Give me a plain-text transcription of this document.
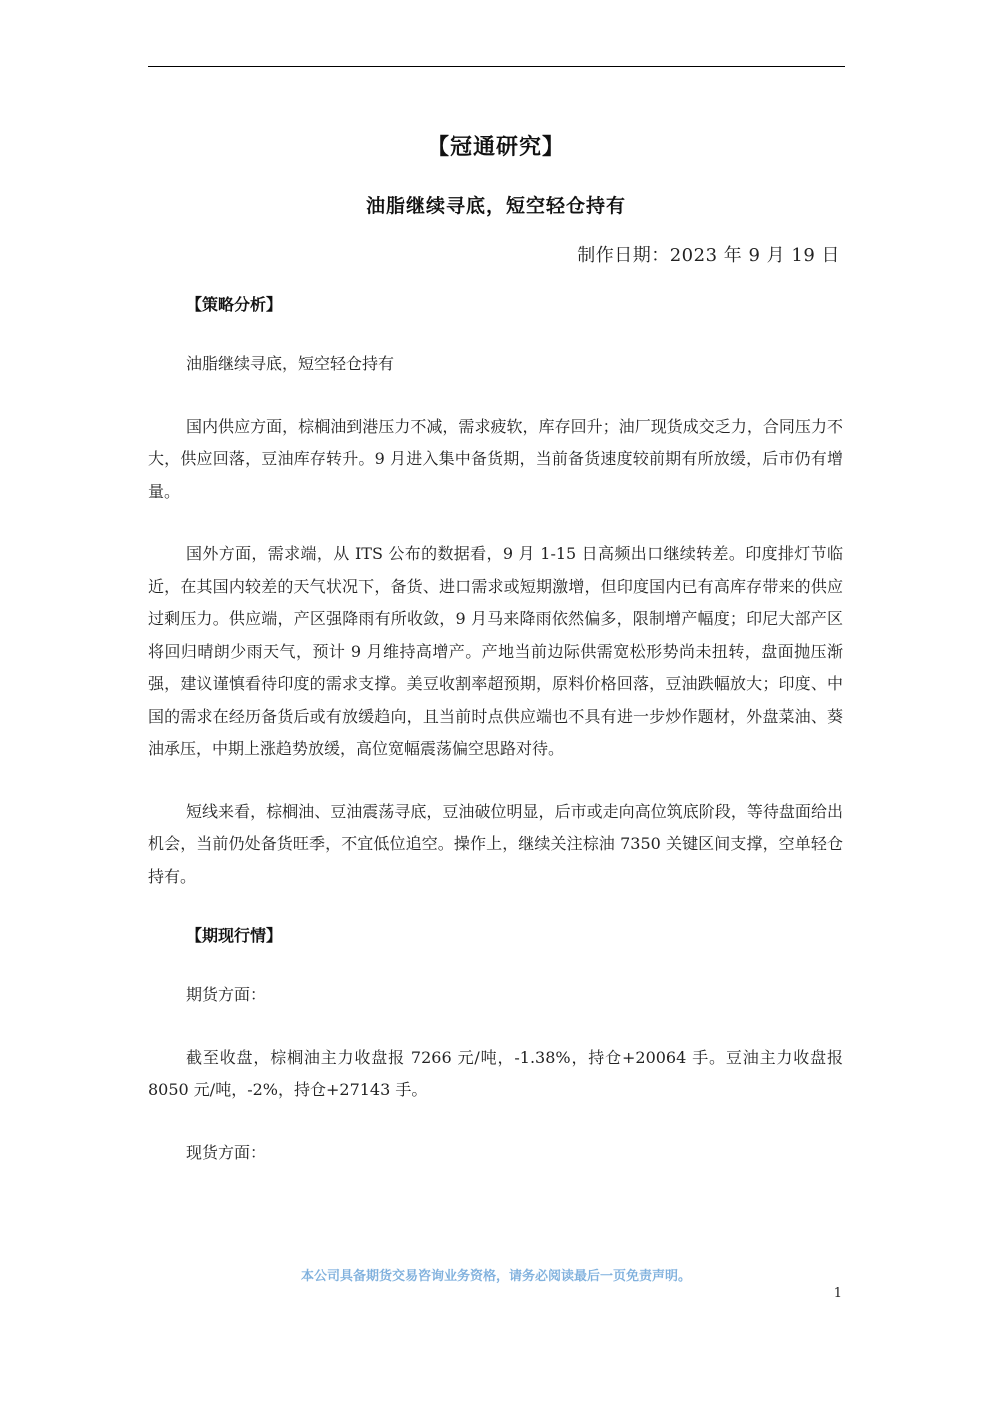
【冠通研究】
油脂继续寻底，短空轻仓持有
制作日期：2023 年 9 月 19 日
【策略分析】

油脂继续寻底，短空轻仓持有

国内供应方面，棕榈油到港压力不减，需求疲软，库存回升；油厂现货成交乏力，合同压力不大，供应回落，豆油库存转升。9 月进入集中备货期，当前备货速度较前期有所放缓，后市仍有增量。

国外方面，需求端，从 ITS 公布的数据看，9 月 1-15 日高频出口继续转差。印度排灯节临近，在其国内较差的天气状况下，备货、进口需求或短期激增，但印度国内已有高库存带来的供应过剩压力。供应端，产区强降雨有所收敛，9 月马来降雨依然偏多，限制增产幅度；印尼大部产区将回归晴朗少雨天气，预计 9 月维持高增产。产地当前边际供需宽松形势尚未扭转，盘面抛压渐强，建议谨慎看待印度的需求支撑。美豆收割率超预期，原料价格回落，豆油跌幅放大；印度、中国的需求在经历备货后或有放缓趋向，且当前时点供应端也不具有进一步炒作题材，外盘菜油、葵油承压，中期上涨趋势放缓，高位宽幅震荡偏空思路对待。

短线来看，棕榈油、豆油震荡寻底，豆油破位明显，后市或走向高位筑底阶段，等待盘面给出机会，当前仍处备货旺季，不宜低位追空。操作上，继续关注棕油 7350 关键区间支撑，空单轻仓持有。

【期现行情】

期货方面：

截至收盘，棕榈油主力收盘报 7266 元/吨，-1.38%，持仓+20064 手。豆油主力收盘报 8050 元/吨，-2%，持仓+27143 手。

现货方面：

本公司具备期货交易咨询业务资格，请务必阅读最后一页免责声明。
1
